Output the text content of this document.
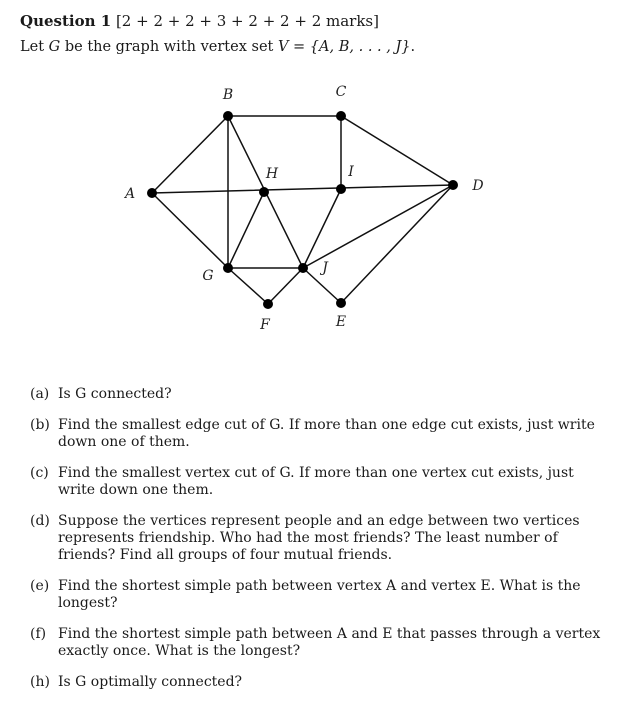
Question 1 [2 + 2 + 2 + 3 + 2 + 2 + 2 marks]
Let G be the graph with vertex set V = {A, B, . . . , J}.
A
B	C
D
E
F
G
H	I
J
(a) Is G connected?
(b) Find the smallest edge cut of G. If more than one edge cut exists, just write down one of them.
(c) Find the smallest vertex cut of G. If more than one vertex cut exists, just write down one them.
(d) Suppose the vertices represent people and an edge between two vertices represents friendship. Who had the most friends? The least number of friends? Find all groups of four mutual friends.
(e) Find the shortest simple path between vertex A and vertex E. What is the longest?
(f) Find the shortest simple path between A and E that passes through a vertex exactly once. What is the longest?
(h) Is G optimally connected?
